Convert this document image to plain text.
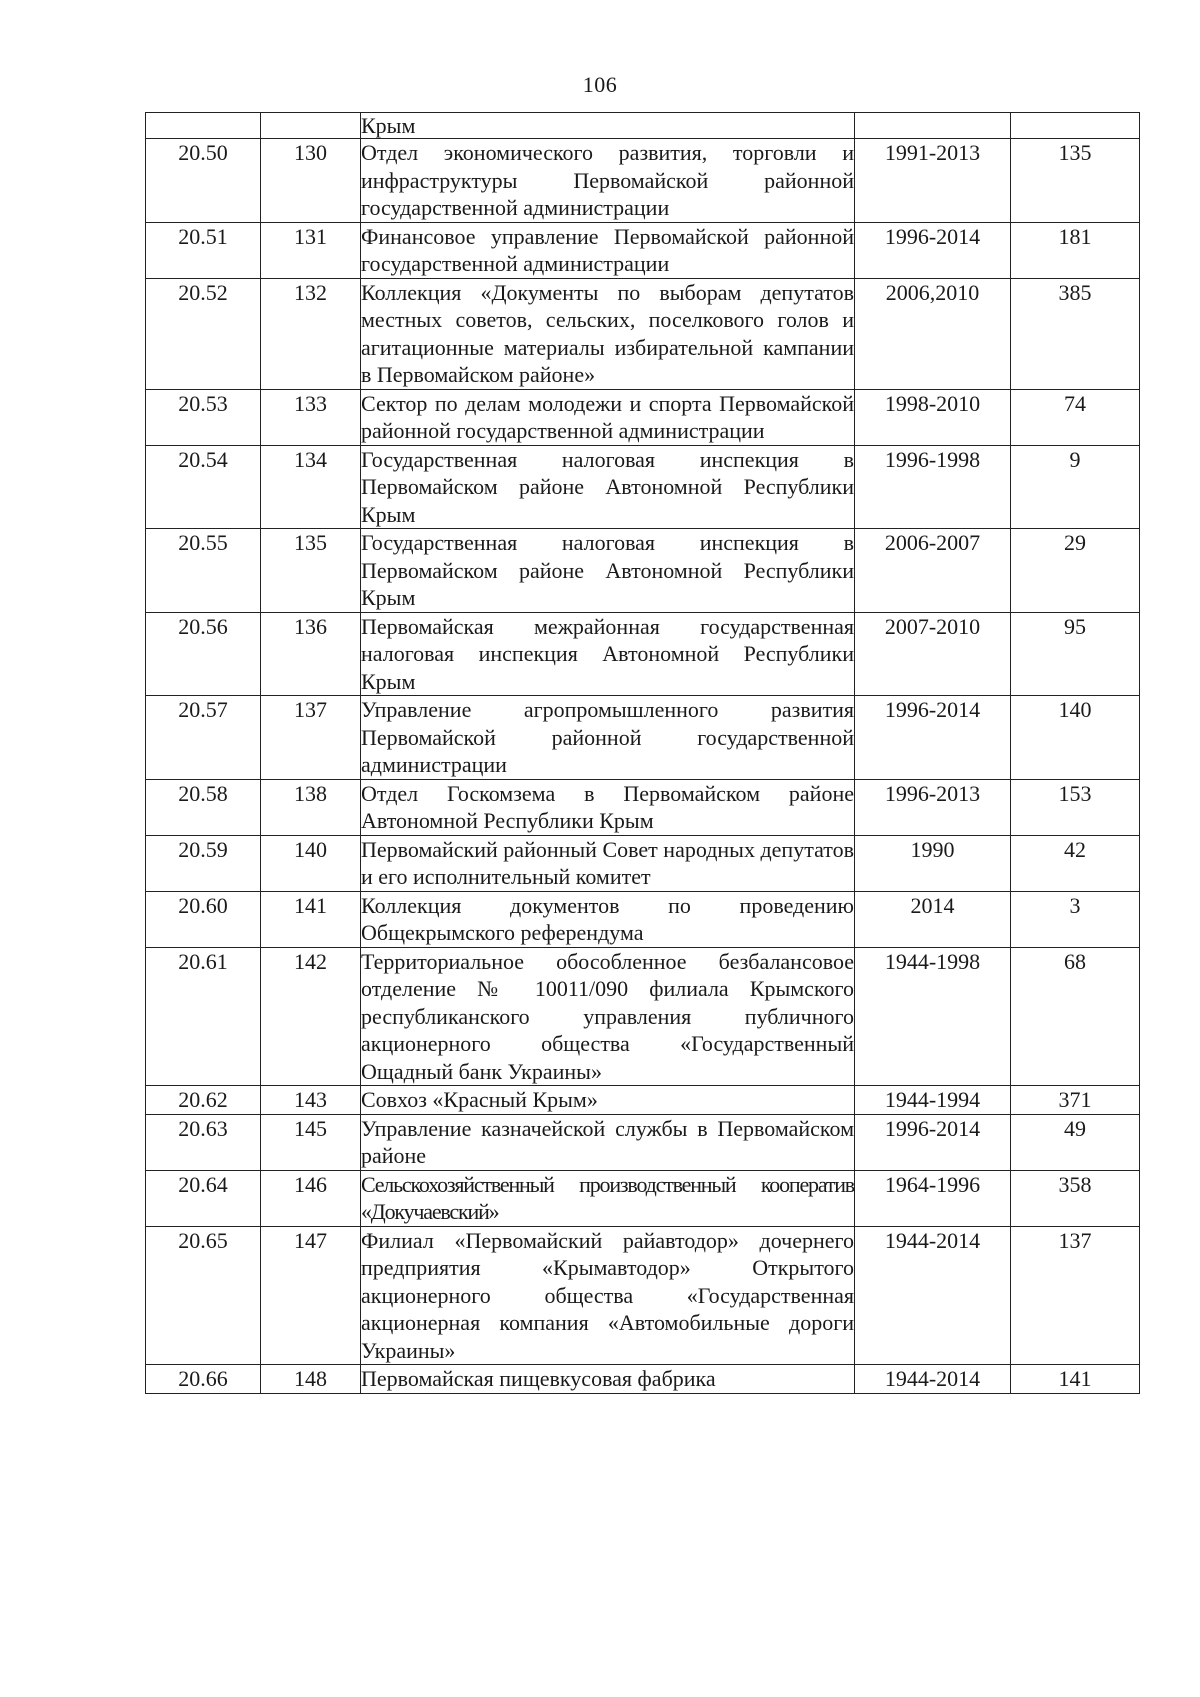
106
		Крым		
20.50	130	Отдел экономического развития, торговли и инфраструктуры Первомайской районной государственной администрации	1991-2013	135
20.51	131	Финансовое управление Первомайской районной государственной администрации	1996-2014	181
20.52	132	Коллекция «Документы по выборам депутатов местных советов, сельских, поселкового голов и агитационные материалы избирательной кампании в Первомайском районе»	2006,2010	385
20.53	133	Сектор по делам молодежи и спорта Первомайской районной государственной администрации	1998-2010	74
20.54	134	Государственная налоговая инспекция в Первомайском районе Автономной Республики Крым	1996-1998	9
20.55	135	Государственная налоговая инспекция в Первомайском районе Автономной Республики Крым	2006-2007	29
20.56	136	Первомайская межрайонная государственная налоговая инспекция Автономной Республики Крым	2007-2010	95
20.57	137	Управление агропромышленного развития Первомайской районной государственной администрации	1996-2014	140
20.58	138	Отдел Госкомзема в Первомайском районе Автономной Республики Крым	1996-2013	153
20.59	140	Первомайский районный Совет народных депутатов и его исполнительный комитет	1990	42
20.60	141	Коллекция документов по проведению Общекрымского референдума	2014	3
20.61	142	Территориальное обособленное безбалансовое отделение № 10011/090 филиала Крымского республиканского управления публичного акционерного общества «Государственный Ощадный банк Украины»	1944-1998	68
20.62	143	Совхоз «Красный Крым»	1944-1994	371
20.63	145	Управление казначейской службы в Первомайском районе	1996-2014	49
20.64	146	Сельскохозяйственный производственный кооператив «Докучаевский»	1964-1996	358
20.65	147	Филиал «Первомайский райавтодор» дочернего предприятия «Крымавтодор» Открытого акционерного общества «Государственная акционерная компания «Автомобильные дороги Украины»	1944-2014	137
20.66	148	Первомайская пищевкусовая фабрика	1944-2014	141
